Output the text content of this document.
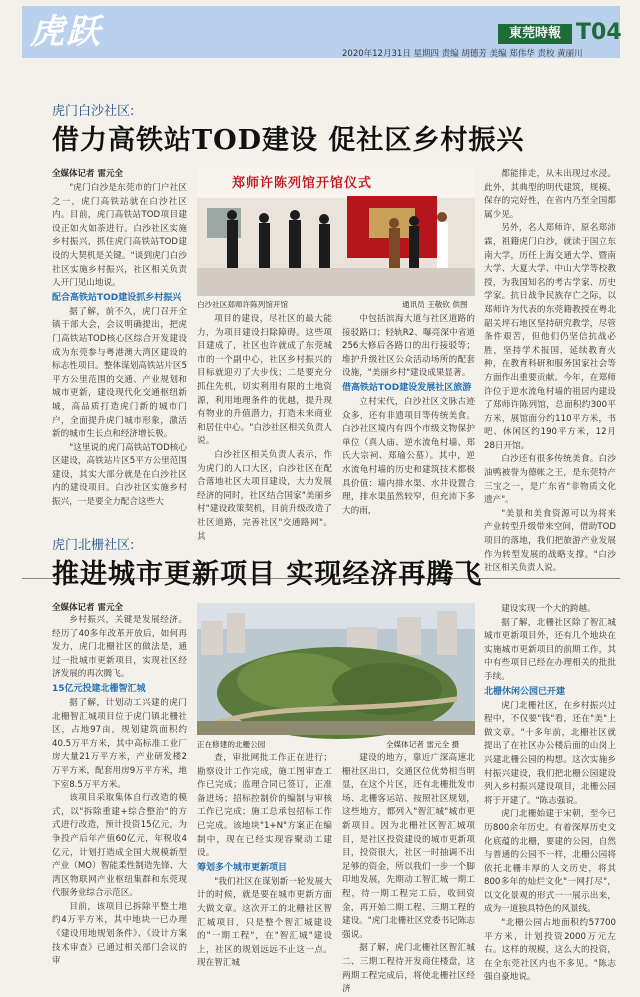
虎跃	東莞時報 T04
2020年12月31日 星期四 责编 胡德芳 美编 郑伟华 责校 黄丽川
虎门白沙社区:
借力高铁站TOD建设 促社区乡村振兴
全媒体记者 雷元全
郑师许陈列馆开馆仪式
白沙社区郑师许陈列馆开馆	通讯员 王敬钦 供图

"虎门白沙是东莞市的门户社区之一，虎门高铁站就在白沙社区内。目前，虎门高铁站TOD项目建设正如火如荼进行。白沙社区实施乡村振兴，抓住虎门高铁站TOD建设的大契机是关键。"谈到虎门白沙社区实施乡村振兴，社区相关负责人开门见山地说。

配合高铁站TOD建设抓乡村振兴

据了解，前不久，虎门召开全镇干部大会，会议明确提出，把虎门高铁站TOD核心区综合开发建设成为东莞参与粤港澳大湾区建设的标志性项目。整体谋划高铁站片区5平方公里范围的交通、产业规划和城市更新，建设现代化交通枢纽新城，高品质打造虎门新的城市门户，全面提升虎门城市形象，激活新的城市生长点和经济增长极。

"这里说的虎门高铁站TOD核心区建设，高铁站片区5平方公里范围建设，其实大部分就是在白沙社区内的建设项目。白沙社区实施乡村振兴，一是要全力配合这些大

项目的建设，尽社区的最大能力，为项目建设扫除障碍。这些项目建成了，社区也许就成了东莞城市的一个副中心，社区乡村振兴的目标就迎刃了大步伐；二是要充分抓住先机，切实利用有限的土地资源，利用地理条件的优越，提升现有物业的升值潜力，打造未来商业和居住中心。"白沙社区相关负责人说。

白沙社区相关负责人表示，作为虎门的人口大区，白沙社区在配合落地社区大项目建设，大力发展经济的同时，社区结合国家"美丽乡村"建设政策契机，目前升级改造了社区道路，完善社区"交通路网"。其

中包括滨海大道与社区道路的接驳路口；轻轨R2、曝亮深中省道256大修后各路口的出行接驳等；堆护升级社区公众活动场所的配套设施，"美丽乡村"建设成果显著。

借高铁站TOD建设发展社区旅游

立村宋代，白沙社区文脉古迹众多，还有非遗项目等传统美食。白沙社区境内有四个市级文物保护单位（真人庙、逆水流龟村墙、郑氏大宗祠、郑瑜公墓）。其中，逆水流龟村墙的历史和建筑技术都极具价值：墙内排水渠、水井设置合理，排水渠虽然较窄，但充沛下多大的雨，

都能排走，从未出现过水浸。此外，其典型的明代建筑，规模、保存的完好性，在省内乃至全国都属少见。

另外，名人郑师许，原名郑沛霖，祖籍虎门白沙，就读于国立东南大学，历任上海交通大学、暨南大学、大夏大学、中山大学等校教授，为我国知名的考古学家、历史学家。抗日战争民族存亡之际，以郑师许为代表的东莞籍教授在粤北韶关坪石地区坚持研究教学，尽管条件艰苦，但他们仍坚信抗战必胜，坚持学术报国，延续教育火种，在教育科研和服务国家社会等方面作出重要贡献。今年，在郑师许位于逆水流龟村墙的祖居内建设了郑师许陈列馆，总面积约300平方米，展馆面分约110平方米，书吧、休闲区约190平方米，12月28日开馆。

白沙还有很多传统美食。白沙油鸭被誉为德帐之王，是东莞特产三宝之一，是广东省"非物质文化遗产"。

"美景和美食资源可以为将来产业转型升级带来空间，借助TOD项目的落地，我们把旅游产业发展作为转型发展的战略支撑。"白沙社区相关负责人说。

虎门北栅社区:
推进城市更新项目 实现经济再腾飞
全媒体记者 雷元全
正在修建的北栅公园	全媒体记者 雷元全 摄

乡村振兴，关键是发展经济。经历了40多年改革开放后，如何再发力，虎门北栅社区的做法是，通过一批城市更新项目，实现社区经济发展的再次腾飞。

15亿元投建北栅智汇城

据了解，计划动工兴建的虎门北栅智汇城项目位于虎门镇北栅社区，占地97亩，规划建筑面积约40.5万平方米，其中高标准工业厂房大量21万平方米，产业研发楼2万平方米，配套用房9万平方米，地下室8.5万平方米。

该项目采取集体自行改造的模式，以"拆除重建+综合整治"的方式进行改造，预计投资15亿元，为争投产后年产值60亿元，年税收4亿元，计划打造成全国大规模新型产业（MO）智能柔性制造先锋、大湾区物联网产业枢纽集群和东莞现代服务业综合示范区。

目前，该项目已拆除平整土地约4万平方米，其中地块一已办理《建设用地规划条件》、《设计方案技术审查》已通过相关部门会议的审

查，审批网批工作正在进行；勘察设计工作完成，施工图审查工作已完成；监理合同已签订，正准备进场；招标控制价的编制与审核工作已完成；施工总承包招标工作已完成。该地块"1+N"方案正在编制中，现在已经实现容聚动工建设。

筹划多个城市更新项目

"我们社区在谋划新一轮发展大计的时候，就是要在城市更新方面大做文章。这次开工的北栅社区智汇城项目，只是整个智汇城建设的"一期工程"，在"智汇城"建设上，社区的规划远远不止这一点。现在智汇城

建设的地方，靠近广深高速北栅社区出口，交通区位优势相当明显，在这个片区，还有北栅批发市场、北栅客运站、按照社区规划，这些地方，都列入"智汇城"城市更新项目。因为北栅社区智汇城项目，是社区投资建设的城市更新项目，投资很大，社区一时抽调不出足够的资金，所以我们一步一个脚印地发展，先期动工智汇城一期工程，待一期工程完工后，收回资金，再开始二期工程、三期工程的建设。"虎门北栅社区党委书记陈志强说。

据了解，虎门北栅社区智汇城二、三期工程待开发商住楼盘，这两期工程完成后，将使北栅社区经济

建设实现一个大的跨越。

据了解，北栅社区除了智汇城城市更新项目外，还有几个地块在实施城市更新项目的前期工作，其中有些项目已经在办理相关的批批手续。

北栅休闲公园已开建

虎门北栅社区，在乡村振兴过程中，不仅要"钱"看，还在"美"上做文章。"十多年前，北栅社区就提出了在社区办公楼后面的山岗上兴建北栅公园的构想。这次实施乡村振兴建设，我们把北栅公园建设列入乡村振兴建设项目，北栅公园将于开建了。"陈志强说。

虎门北栅始建于宋朝，至今已历800余年历史。有着深厚历史文化底蕴的北栅，要建的公园，自然与普通的公园不一样，北栅公园将依托北栅丰厚的人文历史，将其800多年的灿烂文化"一网打尽"，以文化景观的形式一一展示出来，成为一道独具特色的风景线。

"北栅公园占地面积约57700平方米，计划投资2000万元左右。这样的规模，这么大的投资，在全东莞社区内也不多见。"陈志强自豪地说。
